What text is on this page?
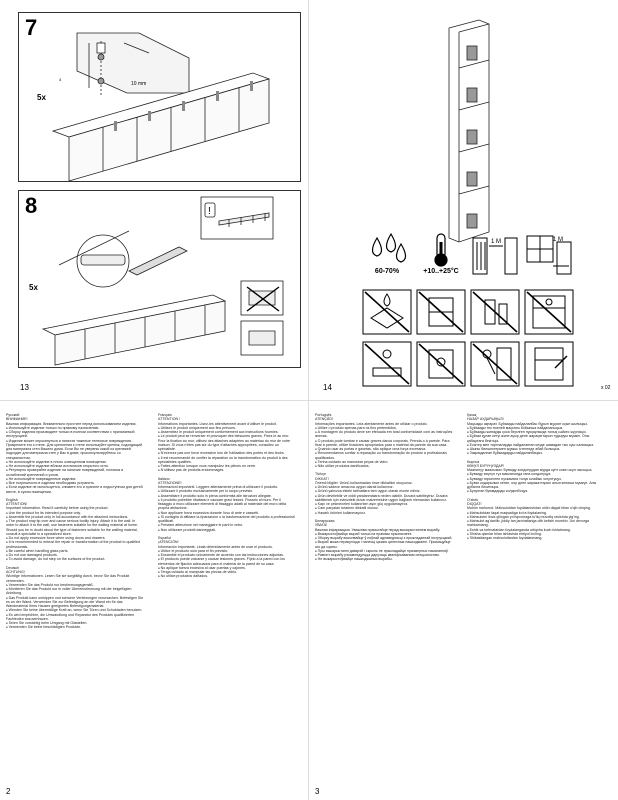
7
5x
10 mm
4
8
5x
!
13
60-70%	+10..+25°C
1 M	1 M
x 02
14
Русский
ВНИМАНИЕ!
Важная информация. Внимательно прочтите перед использованием изделия.
● Используйте изделие только по прямому назначению.
● Сборку изделия производите только в полном соответствии с прилагаемой инструкцией.
● Изделие может опрокинуться и нанести тяжелые телесные повреждения. Прикрепите его к стене. Для крепления к стене используйте крепеж, подходящий для материала стен Вашего дома. Если Вы не уверены какой из крепежей подходит для материала стен у Вас в доме, проконсультируйтесь со специалистом.
● Не используйте изделие в плохо освещенном помещении.
● Не используйте изделие вблизи источников открытого огня.
● Регулярно проверяйте изделие на наличие повреждений, поломок и ослаблений креплений и узлов.
● Не используйте поврежденные изделия.
● Все погрешности в изделии необходимо устранить.
● Если изделие не используется, снимите его и храните в недоступном для детей месте, в сухом помещении.
English
ATTENTION!
Important information. Read it carefully before using the product.
● Use the product for its intended purpose only.
● Assemble the product only in full accordance with the attached instructions.
● The product may tip over and cause serious bodily injury. Attach it to the wall. In order to attach it to the wall, use fasteners suitable for the walling material at home. Should you be in doubt about the type of fasteners suitable for the walling material, consult a specialist in a specialized store.
● Do not apply excessive force when using doors and drawers.
● It is recommended to entrust the repair or transformation of the product to qualified professionals.
● Be careful when handling glass parts.
● Do not use damaged products.
● To avoid damage, do not step on the surfaces of the product.
Deutsch
ACHTUNG!
Wichtige Informationen. Lesen Sie sie sorgfältig durch, bevor Sie das Produkt verwenden.
● Verwenden Sie das Produkt nur bestimmungsgemäß.
● Montieren Sie das Produkt nur in voller Übereinstimmung mit der beigefügten Anleitung.
● Das Produkt kann umkippen und schwere Verletzungen verursachen. Befestigen Sie es an der Wand. Verwenden Sie zur Befestigung an der Wand ein für das Wandmaterial Ihres Hauses geeignetes Befestigungsmaterial.
● Wenden Sie keine übermäßige Kraft an, wenn Sie Türen und Schubladen benutzen.
● Es wird empfohlen, die Umwandlung und Reparatur des Produkts qualifizierten Fachleuten anzuvertrauen.
● Seien Sie vorsichtig beim Umgang mit Glasteilen.
● Verwenden Sie keine beschädigten Produkte.
Français
ATTENTION !
Informations importantes. Lisez-les attentivement avant d'utiliser le produit.
● Utilisez le produit uniquement aux fins prévues.
● Assemblez le produit uniquement conformément aux instructions fournies.
● Le produit peut se renverser et provoquer des blessures graves. Fixez-le au mur. Pour la fixation au mur, utilisez des attaches adaptées au matériau du mur de votre maison. Si vous n'êtes pas sûr du type d'attaches appropriées, consultez un spécialiste.
● N'exercez pas une force excessive lors de l'utilisation des portes et des tiroirs.
● Il est recommandé de confier la réparation ou la transformation du produit à des spécialistes qualifiés.
● Faites attention lorsque vous manipulez les pièces en verre.
● N'utilisez pas de produits endommagés.
Italiano
ATTENZIONE!
Informazioni importanti. Leggere attentamente prima di utilizzare il prodotto.
● Utilizzare il prodotto esclusivamente per lo scopo previsto.
● Assemblare il prodotto solo in piena conformità alle istruzioni allegate.
● Il prodotto potrebbe ribaltarsi e causare gravi lesioni. Fissarlo al muro. Per il fissaggio a muro utilizzare elementi di fissaggio adatti al materiale del muro della propria abitazione.
● Non applicare forza eccessiva durante l'uso di ante e cassetti.
● Si consiglia di affidare la riparazione o la trasformazione del prodotto a professionisti qualificati.
● Prestare attenzione nel maneggiare le parti in vetro.
● Non utilizzare prodotti danneggiati.
Español
¡ATENCIÓN!
Información importante. Léala detenidamente antes de usar el producto.
● Utilice el producto solo para el fin previsto.
● Ensamble el producto únicamente de acuerdo con las instrucciones adjuntas.
● El producto puede volcarse y causar lesiones graves. Fíjelo a la pared con los elementos de fijación adecuados para el material de la pared de su casa.
● No aplique fuerza excesiva al usar puertas y cajones.
● Tenga cuidado al manipular las piezas de vidrio.
● No utilice productos dañados.
2
Português
ATENÇÃO!
Informações importantes. Leia atentamente antes de utilizar o produto.
● Utilize o produto apenas para os fins pretendidos.
● A montagem do produto deve ser efetuada em total conformidade com as instruções anexas.
● O produto pode tombar e causar graves danos corporais. Prenda-o à parede. Para fixar à parede, utilize fixadores apropriados para o material da parede da sua casa.
● Quando usar as portas e gavetas, não aplique uma força excessiva.
● Recomendamos confiar a reparação ou transformação do produto a profissionais qualificados.
● Tenha cuidado ao manusear peças de vidro.
● Não utilize produtos danificados.
Türkçe
DİKKAT!
Önemli bilgiler. Ürünü kullanmadan önce dikkatlice okuyunuz.
● Ürünü sadece amacına uygun olarak kullanınız.
● Ürünü yalnızca ekteki talimatlara tam uygun olarak monte ediniz.
● Ürün devrilebilir ve ciddi yaralanmalara neden olabilir. Duvara sabitleyiniz. Duvara sabitlemek için evinizdeki duvar malzemesine uygun bağlantı elemanları kullanınız.
● Kapı ve çekmeceleri kullanırken aşırı güç uygulamayınız.
● Cam parçaları tutarken dikkatli olunuz.
● Hasarlı ürünleri kullanmayınız.
Беларуская
УВАГА!
Важная інфармацыя. Уважліва прачытайце перад выкарыстаннем вырабу.
● Выкарыстоўвайце выраб толькі па прамым прызначэнні.
● Зборку вырабу выконвайце ў поўнай адпаведнасці з прыкладзенай інструкцыяй.
● Выраб можа перакуліцца і нанесці цяжкія цялесныя пашкоджанні. Прымацуйце яго да сцяны.
● Пры выкарыстанні дзвярэй і скрынь не прыкладайце празмерных намаганняў.
● Рамонт вырабу рэкамендуецца даручаць кваліфікаваным спецыялістам.
● Не выкарыстоўвайце пашкоджаныя вырабы.
Қазақ
НАЗАР АУДАРЫҢЫЗ!
Маңызды ақпарат. Бұйымды пайдаланбас бұрын мұқият оқып шығыңыз.
● Бұйымды тек тікелей мақсаты бойынша пайдаланыңыз.
● Бұйымды жинауды қоса берілген нұсқаулыққа толық сәйкес жүргізіңіз.
● Бұйым құлап кетуі және ауыр дене жарақаттарын тудыруы мүмкін. Оны қабырғаға бекітіңіз.
● Есіктер мен тартпаларды пайдаланған кезде шамадан тыс күш салмаңыз.
● Шыны бөлшектермен жұмыс істегенде абай болыңыз.
● Зақымдалған бұйымдарды пайдаланбаңыз.
Кыргыз
КӨҢҮЛ БУРУҢУЗДАР!
Маанилүү маалымат. Буюмду колдонуудан мурда кунт коюп окуп чыгыңыз.
● Буюмду өзүнүн түз максатында гана колдонуңуз.
● Буюмду тиркелген нускамага толук ылайык чогултуңуз.
● Буюм оодарылып кетип, оор дене жаракаттарын алып келиши мүмкүн. Аны дубалга бекитиңиз.
● Бузулган буюмдарды колдонбоңуз.
O'zbek
DIQQAT!
Muhim ma'lumot. Mahsulotdan foydalanishdan oldin diqqat bilan o'qib chiqing.
● Mahsulotdan faqat maqsadiga ko'ra foydalaning.
● Mahsulotni ilova qilingan yo'riqnomaga to'liq muvofiq ravishda yig'ing.
● Mahsulot ag'darilib, jiddiy tan jarohatlariga olib kelishi mumkin. Uni devorga mahkamlang.
● Eshik va tortmalardan foydalanganda ortiqcha kuch ishlatmang.
● Shisha qismlar bilan ishlashda ehtiyot bo'ling.
● Shikastlangan mahsulotlardan foydalanmang.
3
